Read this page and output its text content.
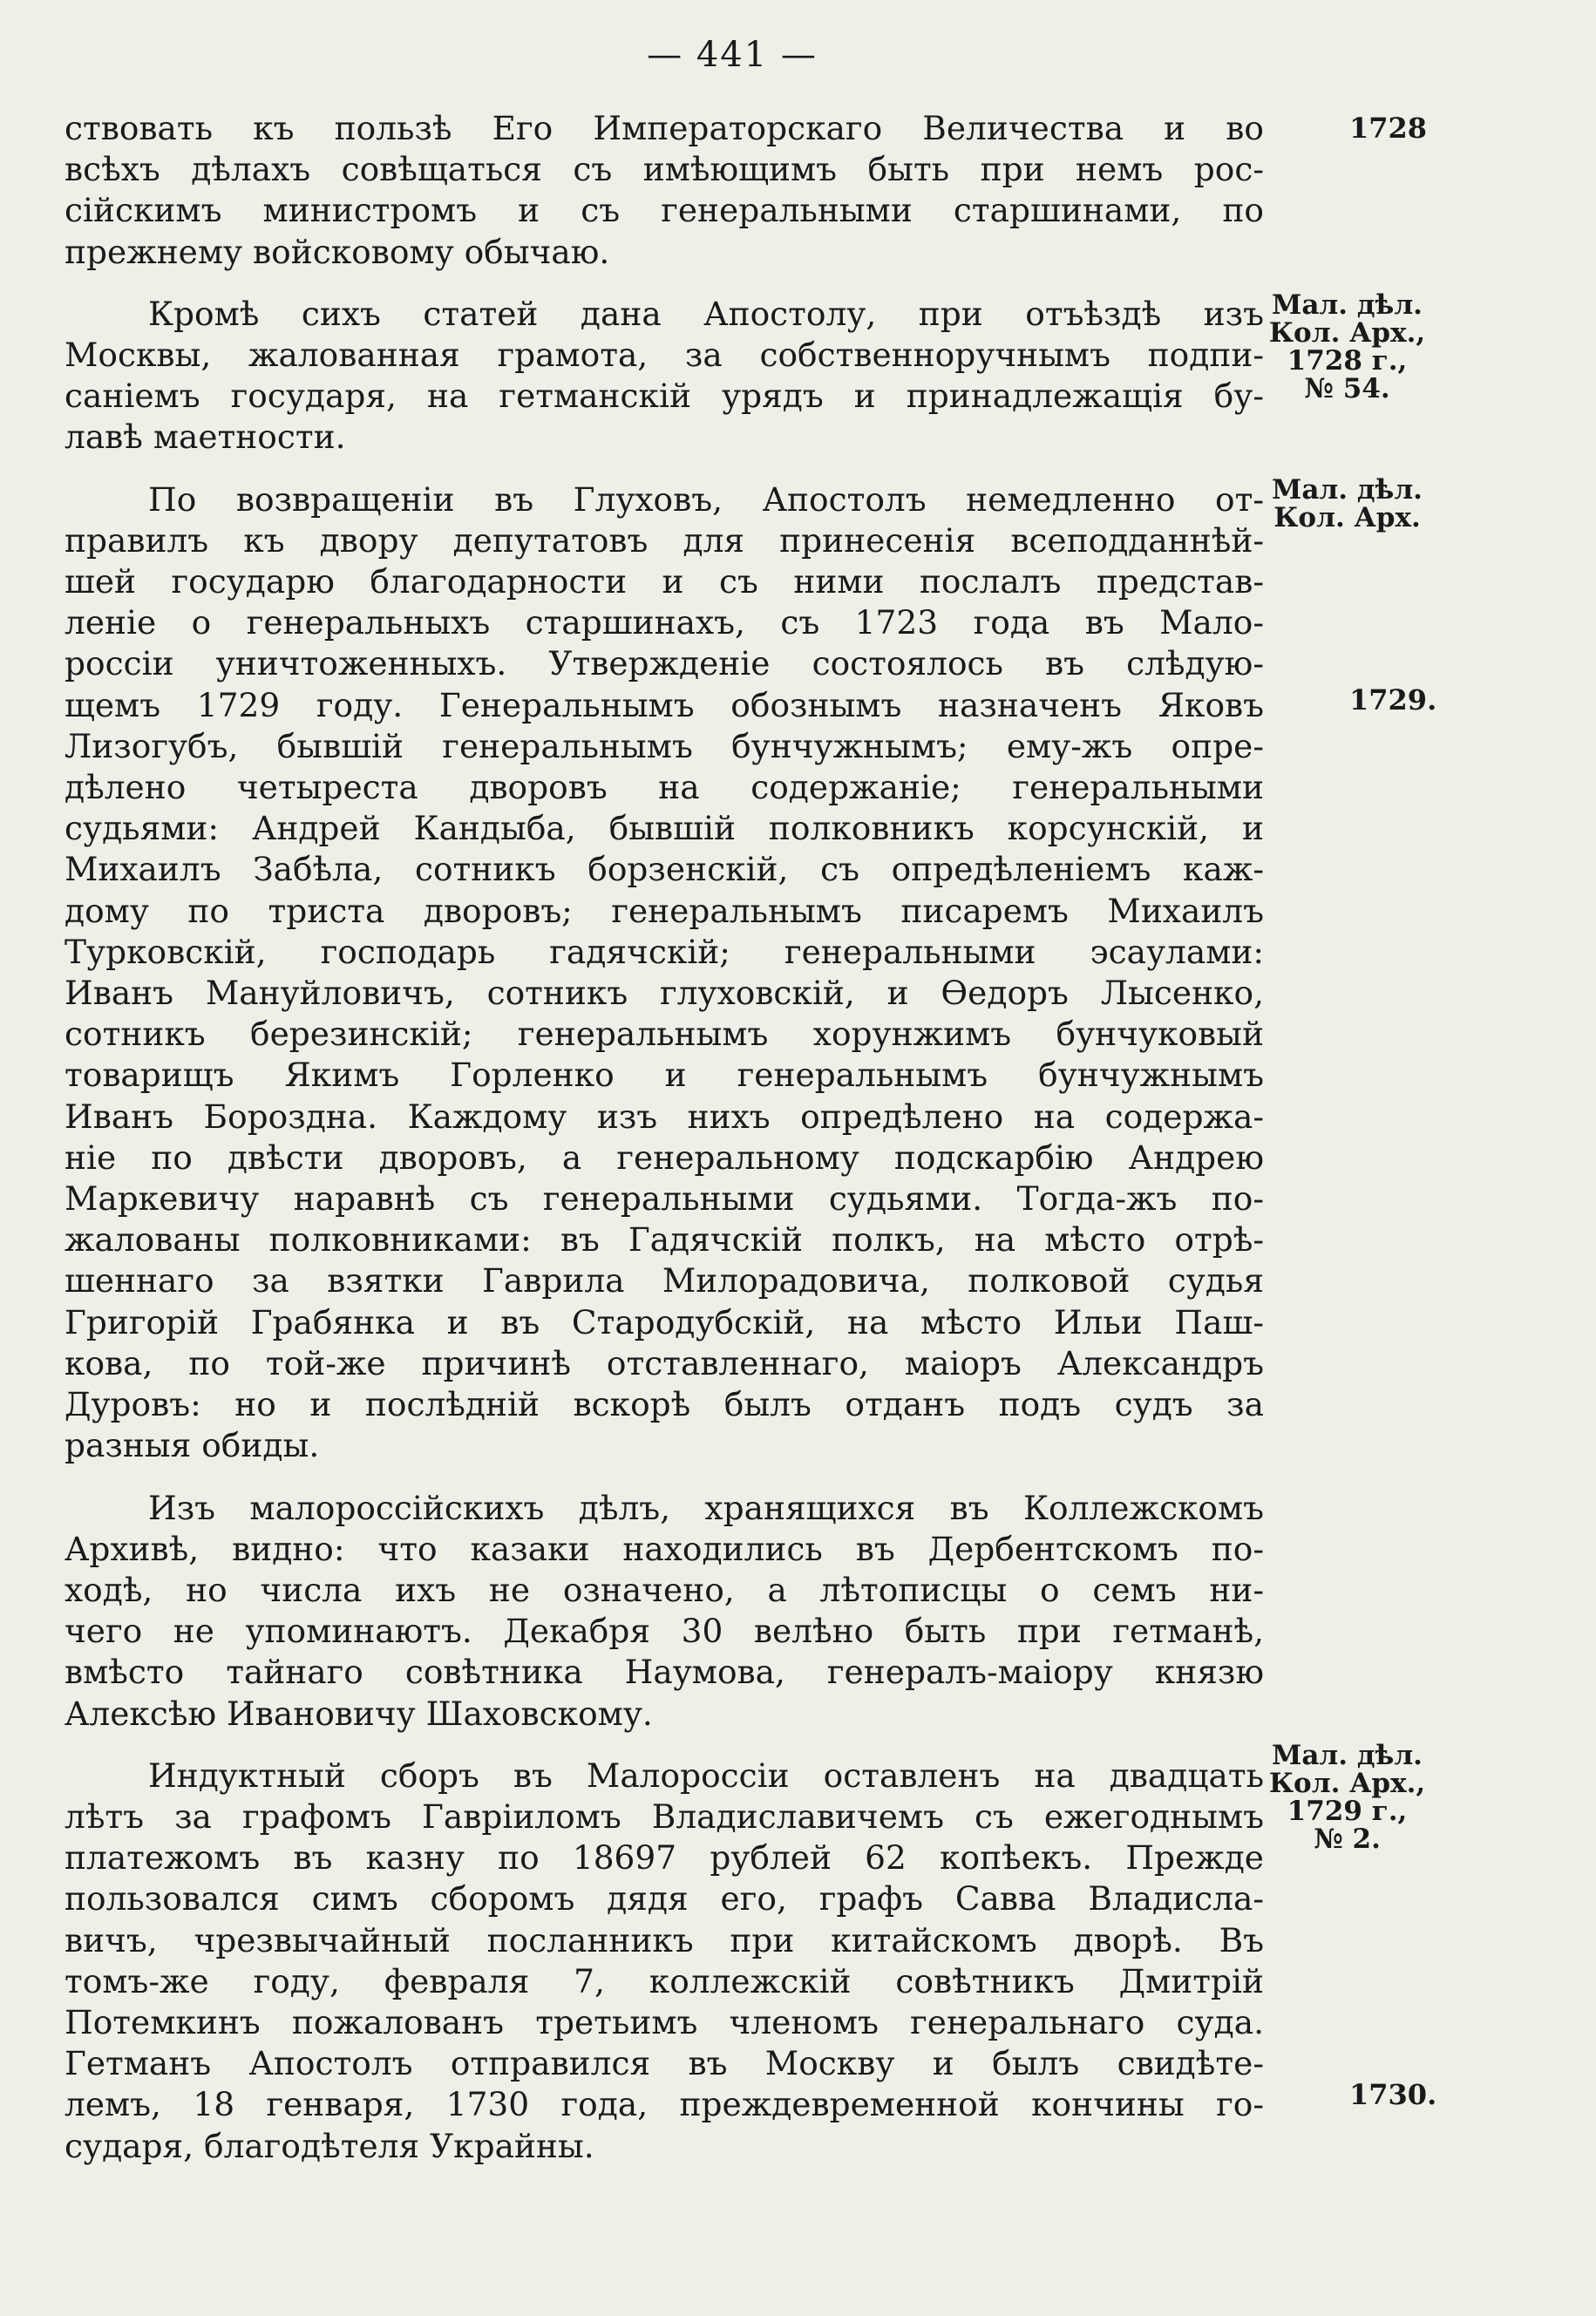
— 441 —
ствовать къ пользѣ Его Императорскаго Величества и во
всѣхъ дѣлахъ совѣщаться съ имѣющимъ быть при немъ рос-
сійскимъ министромъ и съ генеральными старшинами, по
прежнему войсковому обычаю.
Кромѣ сихъ статей дана Апостолу, при отъѣздѣ изъ
Москвы, жалованная грамота, за собственноручнымъ подпи-
саніемъ государя, на гетманскій урядъ и принадлежащія бу-
лавѣ маетности.
По возвращеніи въ Глуховъ, Апостолъ немедленно от-
правилъ къ двору депутатовъ для принесенія всеподданнѣй-
шей государю благодарности и съ ними послалъ представ-
леніе о генеральныхъ старшинахъ, съ 1723 года въ Мало-
россіи уничтоженныхъ. Утвержденіе состоялось въ слѣдую-
щемъ 1729 году. Генеральнымъ обознымъ назначенъ Яковъ
Лизогубъ, бывшій генеральнымъ бунчужнымъ; ему-жъ опре-
дѣлено четыреста дворовъ на содержаніе; генеральными
судьями: Андрей Кандыба, бывшій полковникъ корсунскій, и
Михаилъ Забѣла, сотникъ борзенскій, съ опредѣленіемъ каж-
дому по триста дворовъ; генеральнымъ писаремъ Михаилъ
Турковскій, господарь гадячскій; генеральными эсаулами:
Иванъ Мануйловичъ, сотникъ глуховскій, и Ѳедоръ Лысенко,
сотникъ березинскій; генеральнымъ хорунжимъ бунчуковый
товарищъ Якимъ Горленко и генеральнымъ бунчужнымъ
Иванъ Борозднa. Каждому изъ нихъ опредѣлено на содержа-
ніе по двѣсти дворовъ, а генеральному подскарбію Андрею
Маркевичу наравнѣ съ генеральными судьями. Тогда-жъ по-
жалованы полковниками: въ Гадячскій полкъ, на мѣсто отрѣ-
шеннаго за взятки Гаврила Милорадовича, полковой судья
Григорій Грабянка и въ Стародубскій, на мѣсто Ильи Паш-
кова, по той-же причинѣ отставленнаго, маіоръ Александръ
Дуровъ: но и послѣдній вскорѣ былъ отданъ подъ судъ за
разныя обиды.
Изъ малороссійскихъ дѣлъ, хранящихся въ Коллежскомъ
Архивѣ, видно: что казаки находились въ Дербентскомъ по-
ходѣ, но числа ихъ не означено, а лѣтописцы о семъ ни-
чего не упоминаютъ. Декабря 30 велѣно быть при гетманѣ,
вмѣсто тайнаго совѣтника Наумова, генералъ-маіору князю
Алексѣю Ивановичу Шаховскому.
Индуктный сборъ въ Малороссіи оставленъ на двадцать
лѣтъ за графомъ Гавріиломъ Владиславичемъ съ ежегоднымъ
платежомъ въ казну по 18697 рублей 62 копѣекъ. Прежде
пользовался симъ сборомъ дядя его, графъ Савва Владисла-
вичъ, чрезвычайный посланникъ при китайскомъ дворѣ. Въ
томъ-же году, февраля 7, коллежскій совѣтникъ Дмитрій
Потемкинъ пожалованъ третьимъ членомъ генеральнаго суда.
Гетманъ Апостолъ отправился въ Москву и былъ свидѣте-
лемъ, 18 генваря, 1730 года, преждевременной кончины го-
сударя, благодѣтеля Украйны.
1728
Мал. дѣл.
Кол. Арх.,
1728 г.,
№ 54.
Мал. дѣл.
Кол. Арх.
1729.
Мал. дѣл.
Кол. Арх.,
1729 г.,
№ 2.
1730.
